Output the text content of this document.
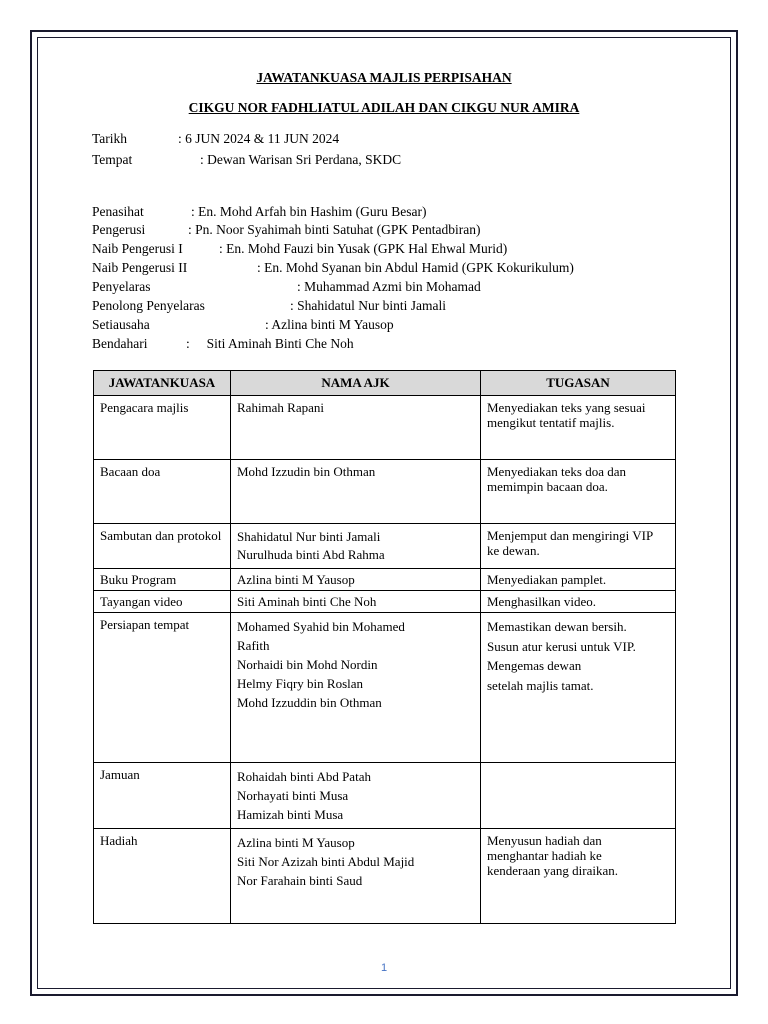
JAWATANKUASA MAJLIS PERPISAHAN
CIKGU NOR FADHLIATUL ADILAH DAN CIKGU NUR AMIRA
Tarikh	: 6 JUN 2024 & 11 JUN 2024
Tempat	: Dewan Warisan Sri Perdana, SKDC
Penasihat	: En. Mohd Arfah bin Hashim (Guru Besar)
Pengerusi	: Pn. Noor Syahimah binti Satuhat (GPK Pentadbiran)
Naib Pengerusi I	: En. Mohd Fauzi bin Yusak (GPK Hal Ehwal Murid)
Naib Pengerusi II	: En. Mohd Syanan bin Abdul Hamid (GPK Kokurikulum)
Penyelaras	: Muhammad Azmi bin Mohamad
Penolong Penyelaras	: Shahidatul Nur binti Jamali
Setiausaha	: Azlina binti M Yausop
Bendahari	:     Siti Aminah Binti Che Noh
JAWATANKUASA	NAMA AJK	TUGASAN
Pengacara majlis	Rahimah Rapani	Menyediakan teks yang sesuai
mengikut tentatif majlis.

Bacaan doa	Mohd Izzudin bin Othman	Menyediakan teks doa dan
memimpin bacaan doa.

Sambutan dan protokol	Shahidatul Nur binti Jamali
Nurulhuda binti Abd Rahma	Menjemput dan mengiringi VIP
ke dewan.

Buku Program	Azlina binti M Yausop	Menyediakan pamplet.

Tayangan video	Siti Aminah binti Che Noh	Menghasilkan video.

Persiapan tempat	Mohamed Syahid bin Mohamed
Rafith
Norhaidi bin Mohd Nordin
Helmy Fiqry bin Roslan
Mohd Izzuddin bin Othman	Memastikan dewan bersih.
Susun atur kerusi untuk VIP.
Mengemas dewan
setelah majlis tamat.

Jamuan	Rohaidah binti Abd Patah
Norhayati binti Musa
Hamizah binti Musa	

Hadiah	Azlina binti M Yausop
Siti Nor Azizah binti Abdul Majid
Nor Farahain binti Saud	Menyusun hadiah dan
menghantar hadiah ke
kenderaan yang diraikan.
1
